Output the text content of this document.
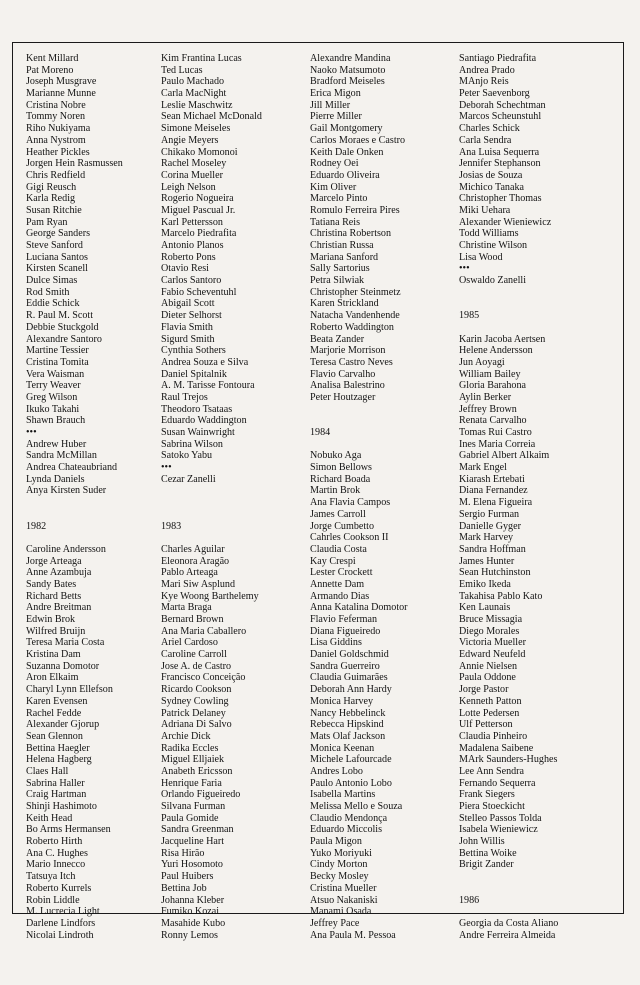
Kent Millard
Pat Moreno
Joseph Musgrave
Marianne Munne
Cristina Nobre
Tommy Noren
Riho Nukiyama
Anna Nystrom
Heather Pickles
Jorgen Hein Rasmussen
Chris Redfield
Gigi Reusch
Karla Redig
Susan Ritchie
Pam Ryan
George Sanders
Steve Sanford
Luciana Santos
Kirsten Scanell
Dulce Simas
Rod Smith
Eddie Schick
R. Paul M. Scott
Debbie Stuckgold
Alexandre Santoro
Martine Tessier
Cristina Tomita
Vera Waisman
Terry Weaver
Greg Wilson
Ikuko Takahi
Shawn Brauch
•••
Andrew Huber
Sandra McMillan
Andrea Chateaubriand
Lynda Daniels
Anya Kirsten Suder
1982
Caroline Andersson
Jorge Arteaga
Anne Azambuja
Sandy Bates
Richard Betts
Andre Breitman
Edwin Brok
Wilfred Bruijn
Teresa Maria Costa
Kristina Dam
Suzanna Domotor
Aron Elkaim
Charyl Lynn Ellefson
Karen Evensen
Rachel Fedde
Alexander Gjorup
Sean Glennon
Bettina Haegler
Helena Hagberg
Claes Hall
Sabrina Haller
Craig Hartman
Shinji Hashimoto
Keith Head
Bo Arms Hermansen
Roberto Hirth
Ana C. Hughes
Mario Innecco
Tatsuya Itch
Roberto Kurrels
Robin Liddle
M. Lucrecia Light
Darlene Lindfors
Nicolai Lindroth
Kim Frantina Lucas
Ted Lucas
Paulo Machado
Carla MacNight
Leslie Maschwitz
Sean Michael McDonald
Simone Meiseles
Angie Meyers
Chikako Momonoi
Rachel Moseley
Corina Mueller
Leigh Nelson
Rogerio Nogueira
Miguel Pascual Jr.
Karl Pettersson
Marcelo Piedrafita
Antonio Planos
Roberto Pons
Otavio Resi
Carlos Santoro
Fabio Scheventuhl
Abigail Scott
Dieter Selhorst
Flavia Smith
Sigurd Smith
Cynthia Sothers
Andrea Souza e Silva
Daniel Spitalnik
A. M. Tarisse Fontoura
Raul Trejos
Theodoro Tsataas
Eduardo Waddington
Susan Wainwright
Sabrina Wilson
Satoko Yabu
•••
Cezar Zanelli
1983
Charles Aguilar
Eleonora Aragão
Pablo Arteaga
Mari Siw Asplund
Kye Woong Barthelemy
Marta Braga
Bernard Brown
Ana Maria Caballero
Ariel Cardoso
Caroline Carroll
Jose A. de Castro
Francisco Conceição
Ricardo Cookson
Sydney Cowling
Patrick Delaney
Adriana Di Salvo
Archie Dick
Radika Eccles
Miguel Elljaiek
Anabeth Ericsson
Henrique Faria
Orlando Figueiredo
Silvana Furman
Paula Gomide
Sandra Greenman
Jacqueline Hart
Risa Hirão
Yuri Hosomoto
Paul Huibers
Bettina Job
Johanna Kleber
Fumiko Kozai
Masahide Kubo
Ronny Lemos
Alexandre Mandina
Naoko Matsumoto
Bradford Meiseles
Erica Migon
Jill Miller
Pierre Miller
Gail Montgomery
Carlos Moraes e Castro
Keith Dale Onken
Rodney Oei
Eduardo Oliveira
Kim Oliver
Marcelo Pinto
Romulo Ferreira Pires
Tatiana Reis
Christina Robertson
Christian Russa
Mariana Sanford
Sally Sartorius
Petra Silwiak
Christopher Steinmetz
Karen Strickland
Natacha Vandenhende
Roberto Waddington
Beata Zander
Marjorie Morrison
Teresa Castro Neves
Flavio Carvalho
Analisa Balestrino
Peter Houtzager
1984
Nobuko Aga
Simon Bellows
Richard Boada
Martin Brok
Ana Flavia Campos
James Carroll
Jorge Cumbetto
Cahrles Cookson II
Claudia Costa
Kay Crespi
Lester Crockett
Annette Dam
Armando Dias
Anna Katalina Domotor
Flavio Feferman
Diana Figueiredo
Lisa Giddins
Daniel Goldschmid
Sandra Guerreiro
Claudia Guimarães
Deborah Ann Hardy
Monica Harvey
Nancy Hebbelinck
Rebecca Hipskind
Mats Olaf Jackson
Monica Keenan
Michele Lafourcade
Andres Lobo
Paulo Antonio Lobo
Isabella Martins
Melissa Mello e Souza
Claudio Mendonça
Eduardo Miccolis
Paula Migon
Yuko Moriyuki
Cindy Morton
Becky Mosley
Cristina Mueller
Atsuo Nakaniski
Manami Osada
Jeffrey Pace
Ana Paula M. Pessoa
Santiago Piedrafita
Andrea Prado
MAnjo Reis
Peter Saevenborg
Deborah Schechtman
Marcos Scheunstuhl
Charles Schick
Carla Sendra
Ana Luisa Sequerra
Jennifer Stephanson
Josias de Souza
Michico Tanaka
Christopher Thomas
Miki Uehara
Alexander Wieniewicz
Todd Williams
Christine Wilson
Lisa Wood
•••
Oswaldo Zanelli
1985
Karin Jacoba Aertsen
Helene Andersson
Jun Aoyagi
William Bailey
Gloria Barahona
Aylin Berker
Jeffrey Brown
Renata Carvalho
Tomas Rui Castro
Ines Maria Correia
Gabriel Albert Alkaim
Mark Engel
Kiarash Ertebati
Diana Fernandez
M. Elena Figueira
Sergio Furman
Danielle Gyger
Mark Harvey
Sandra Hoffman
James Hunter
Sean Hutchinston
Emiko Ikeda
Takahisa Pablo Kato
Ken Launais
Bruce Missagia
Diego Morales
Victoria Mueller
Edward Neufeld
Annie Nielsen
Paula Oddone
Jorge Pastor
Kenneth Patton
Lotte Pedersen
Ulf Petterson
Claudia Pinheiro
Madalena Saibene
MArk Saunders-Hughes
Lee Ann Sendra
Fernando Sequerra
Frank Siegers
Piera Stoeckicht
Stelleo Passos Tolda
Isabela Wieniewicz
John Willis
Bettina Woike
Brigit Zander
1986
Georgia da Costa Aliano
Andre Ferreira Almeida
